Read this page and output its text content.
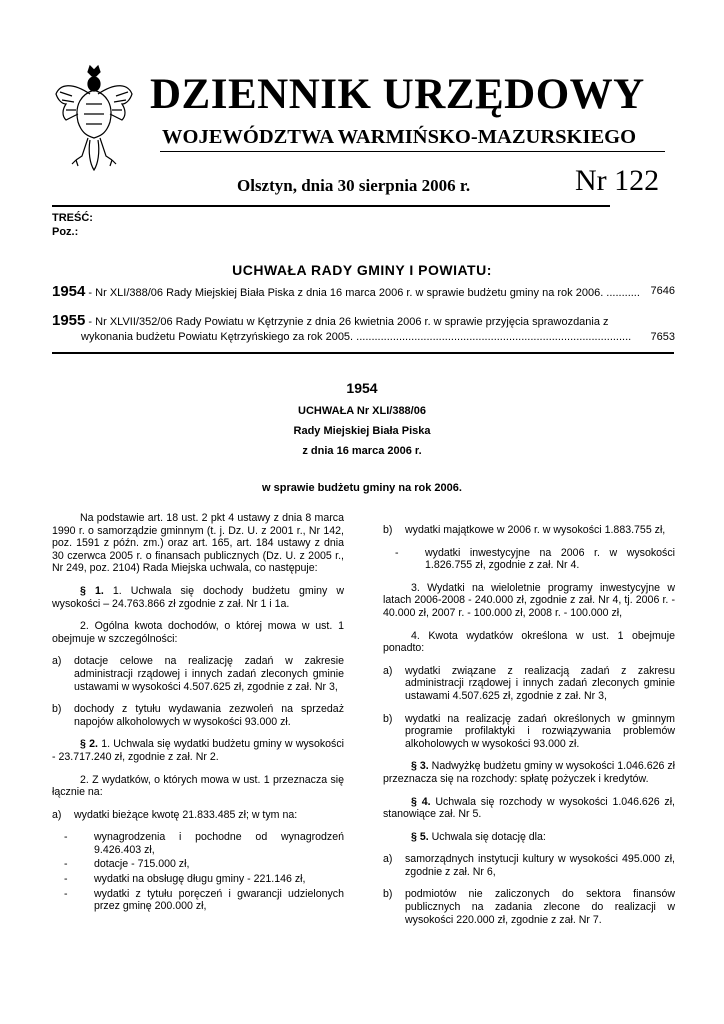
DZIENNIK URZĘDOWY
WOJEWÓDZTWA WARMIŃSKO-MAZURSKIEGO
Olsztyn, dnia 30 sierpnia 2006 r.	Nr 122
TREŚĆ:
Poz.:
UCHWAŁA RADY GMINY I POWIATU:
1954 - Nr XLI/388/06 Rady Miejskiej Biała Piska z dnia 16 marca 2006 r. w sprawie budżetu gminy na rok 2006. ........... 7646
1955 - Nr XLVII/352/06 Rady Powiatu w Kętrzynie z dnia 26 kwietnia 2006 r. w sprawie przyjęcia sprawozdania z
wykonania budżetu Powiatu Kętrzyńskiego za rok 2005. .......................................................................................... 7653
1954
UCHWAŁA Nr XLI/388/06
Rady Miejskiej Biała Piska
z dnia 16 marca 2006 r.
w sprawie budżetu gminy na rok 2006.

Na podstawie art. 18 ust. 2 pkt 4 ustawy z dnia 8 marca 1990 r. o samorządzie gminnym (t. j. Dz. U. z 2001 r., Nr 142, poz. 1591 z późn. zm.) oraz art. 165, art. 184 ustawy z dnia 30 czerwca 2005 r. o finansach publicznych (Dz. U. z 2005 r., Nr 249, poz. 2104) Rada Miejska uchwala, co następuje:

§ 1. 1. Uchwala się dochody budżetu gminy w wysokości – 24.763.866 zł zgodnie z zał. Nr 1 i 1a.

2. Ogólna kwota dochodów, o której mowa w ust. 1 obejmuje w szczególności:

a)	dotacje celowe na realizację zadań w zakresie administracji rządowej i innych zadań zleconych gminie ustawami w wysokości 4.507.625 zł, zgodnie z zał. Nr 3,
b)	dochody z tytułu wydawania zezwoleń na sprzedaż napojów alkoholowych w wysokości 93.000 zł.

§ 2. 1. Uchwala się wydatki budżetu gminy w wysokości - 23.717.240 zł, zgodnie z zał. Nr 2.

2. Z wydatków, o których mowa w ust. 1 przeznacza się łącznie na:

a)	wydatki bieżące kwotę 21.833.485 zł; w tym na:
-	wynagrodzenia i pochodne od wynagrodzeń 9.426.403 zł,
-	dotacje - 715.000 zł,
-	wydatki na obsługę długu gminy - 221.146 zł,
-	wydatki z tytułu poręczeń i gwarancji udzielonych przez gminę 200.000 zł,
b)	wydatki majątkowe w 2006 r. w wysokości 1.883.755 zł,
-	wydatki inwestycyjne na 2006 r. w wysokości 1.826.755 zł, zgodnie z zał. Nr 4.

3. Wydatki na wieloletnie programy inwestycyjne w latach 2006-2008 - 240.000 zł, zgodnie z zał. Nr 4, tj. 2006 r. - 40.000 zł, 2007 r. - 100.000 zł, 2008 r. - 100.000 zł,

4. Kwota wydatków określona w ust. 1 obejmuje ponadto:

a)	wydatki związane z realizacją zadań z zakresu administracji rządowej i innych zadań zleconych gminie ustawami 4.507.625 zł, zgodnie z zał. Nr 3,
b)	wydatki na realizację zadań określonych w gminnym programie profilaktyki i rozwiązywania problemów alkoholowych w wysokości 93.000 zł.

§ 3. Nadwyżkę budżetu gminy w wysokości 1.046.626 zł przeznacza się na rozchody: spłatę pożyczek i kredytów.

§ 4. Uchwala się rozchody w wysokości 1.046.626 zł, stanowiące zał. Nr 5.

§ 5. Uchwala się dotację dla:

a)	samorządnych instytucji kultury w wysokości 495.000 zł, zgodnie z zał. Nr 6,
b)	podmiotów nie zaliczonych do sektora finansów publicznych na zadania zlecone do realizacji w wysokości 220.000 zł, zgodnie z zał. Nr 7.
